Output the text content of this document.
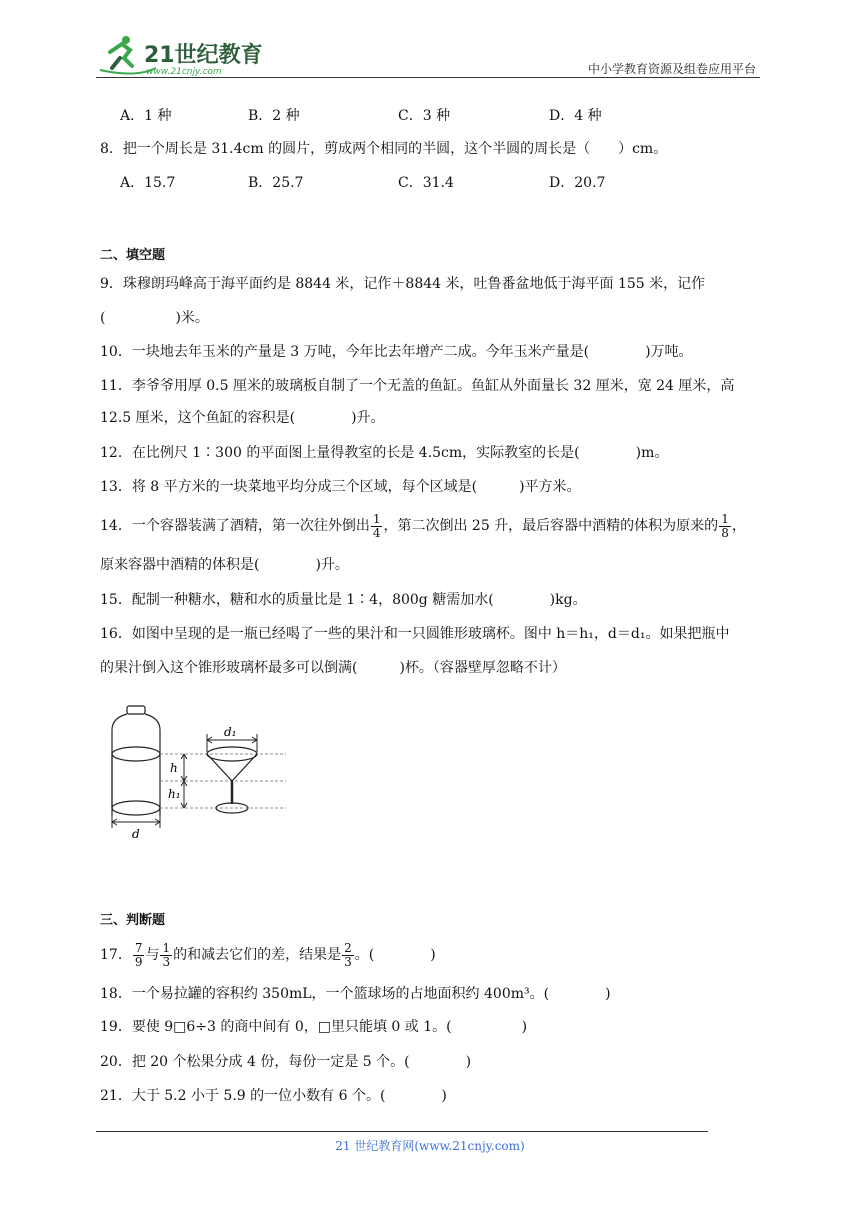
21世纪教育
www.21cnjy.com	中小学教育资源及组卷应用平台
A．1 种	B．2 种	C．3 种	D．4 种
8．把一个周长是 31.4cm 的圆片，剪成两个相同的半圆，这个半圆的周长是（　　）cm。
A．15.7	B．25.7	C．31.4	D．20.7
二、填空题
9．珠穆朗玛峰高于海平面约是 8844 米，记作＋8844 米，吐鲁番盆地低于海平面 155 米，记作
(　　　　　)米。
10．一块地去年玉米的产量是 3 万吨，今年比去年增产二成。今年玉米产量是(　　　　)万吨。
11．李爷爷用厚 0.5 厘米的玻璃板自制了一个无盖的鱼缸。鱼缸从外面量长 32 厘米，宽 24 厘米，高
12.5 厘米，这个鱼缸的容积是(　　　　)升。
12．在比例尺 1∶300 的平面图上量得教室的长是 4.5cm，实际教室的长是(　　　　)m。
13．将 8 平方米的一块菜地平均分成三个区域，每个区域是(　　　)平方米。
14．一个容器装满了酒精，第一次往外倒出 $\frac{1}{4}$ ，第二次倒出 25 升，最后容器中酒精的体积为原来的 $\frac{1}{8}$ ，
原来容器中酒精的体积是(　　　　)升。
15．配制一种糖水，糖和水的质量比是 1∶4，800g 糖需加水(　　　　)kg。
16．如图中呈现的是一瓶已经喝了一些的果汁和一只圆锥形玻璃杯。图中 h＝h₁，d＝d₁。如果把瓶中
的果汁倒入这个锥形玻璃杯最多可以倒满(　　　)杯。（容器壁厚忽略不计）
d
h
h₁
d₁
三、判断题
17． $\frac{7}{9}$ 与 $\frac{1}{3}$ 的和减去它们的差，结果是 $\frac{2}{3}$ 。(　　　　)
18．一个易拉罐的容积约 350mL，一个篮球场的占地面积约 400m³。(　　　　)
19．要使 9□6÷3 的商中间有 0，□里只能填 0 或 1。(　　　　　)
20．把 20 个松果分成 4 份，每份一定是 5 个。(　　　　)
21．大于 5.2 小于 5.9 的一位小数有 6 个。(　　　　)
21 世纪教育网(www.21cnjy.com)
